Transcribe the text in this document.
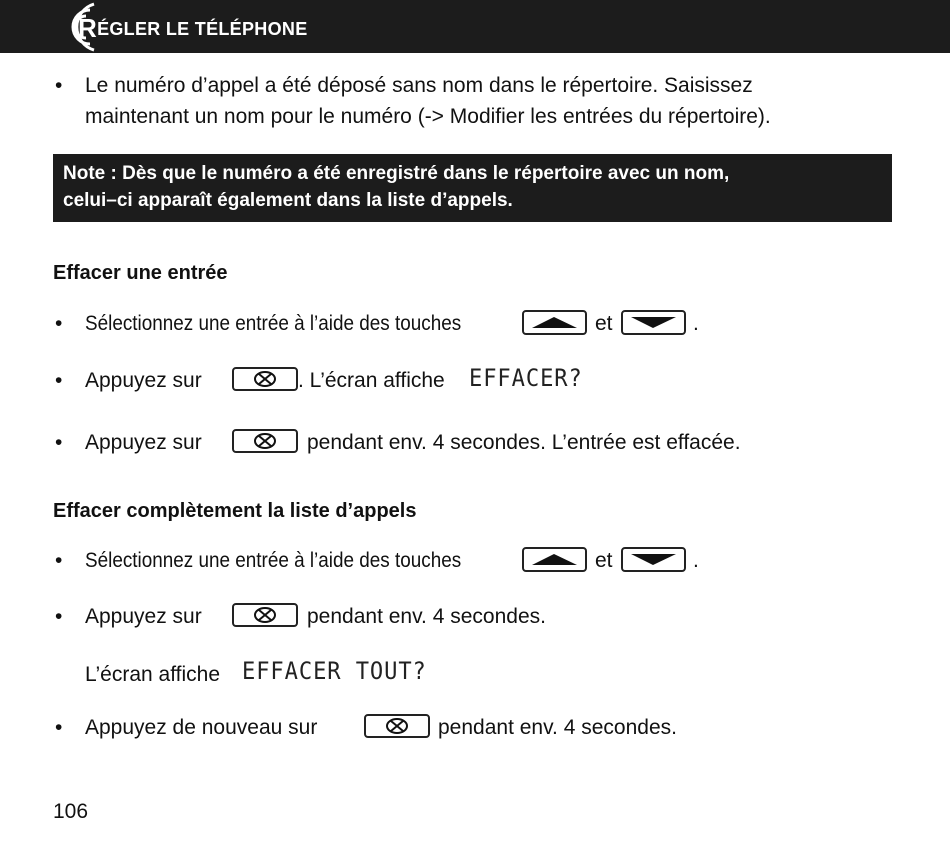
RÉGLER LE TÉLÉPHONE
• Le numéro d’appel a été déposé sans nom dans le répertoire. Saisissez
maintenant un nom pour le numéro (-> Modifier les entrées du répertoire).
Note : Dès que le numéro a été enregistré dans le répertoire avec un nom,
celui–ci apparaît également dans la liste d’appels.
Effacer une entrée
• Sélectionnez une entrée à l’aide des touches	et	.
• Appuyez sur	. L’écran affiche EFFACER?
• Appuyez sur	pendant env. 4 secondes. L’entrée est effacée.
Effacer complètement la liste d’appels
• Sélectionnez une entrée à l’aide des touches	et	.
• Appuyez sur	pendant env. 4 secondes.
L’écran affiche EFFACER TOUT?
• Appuyez de nouveau sur	pendant env. 4 secondes.
106
